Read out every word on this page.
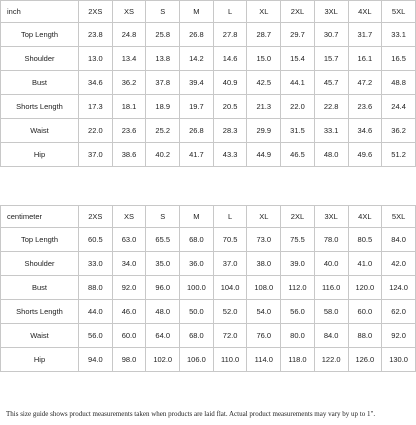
inch	2XS	XS	S	M	L	XL	2XL	3XL	4XL	5XL
Top Length	23.8	24.8	25.8	26.8	27.8	28.7	29.7	30.7	31.7	33.1
Shoulder	13.0	13.4	13.8	14.2	14.6	15.0	15.4	15.7	16.1	16.5
Bust	34.6	36.2	37.8	39.4	40.9	42.5	44.1	45.7	47.2	48.8
Shorts Length	17.3	18.1	18.9	19.7	20.5	21.3	22.0	22.8	23.6	24.4
Waist	22.0	23.6	25.2	26.8	28.3	29.9	31.5	33.1	34.6	36.2
Hip	37.0	38.6	40.2	41.7	43.3	44.9	46.5	48.0	49.6	51.2
centimeter	2XS	XS	S	M	L	XL	2XL	3XL	4XL	5XL
Top Length	60.5	63.0	65.5	68.0	70.5	73.0	75.5	78.0	80.5	84.0
Shoulder	33.0	34.0	35.0	36.0	37.0	38.0	39.0	40.0	41.0	42.0
Bust	88.0	92.0	96.0	100.0	104.0	108.0	112.0	116.0	120.0	124.0
Shorts Length	44.0	46.0	48.0	50.0	52.0	54.0	56.0	58.0	60.0	62.0
Waist	56.0	60.0	64.0	68.0	72.0	76.0	80.0	84.0	88.0	92.0
Hip	94.0	98.0	102.0	106.0	110.0	114.0	118.0	122.0	126.0	130.0
This size guide shows product measurements taken when products are laid flat. Actual product measurements may vary by up to 1".
